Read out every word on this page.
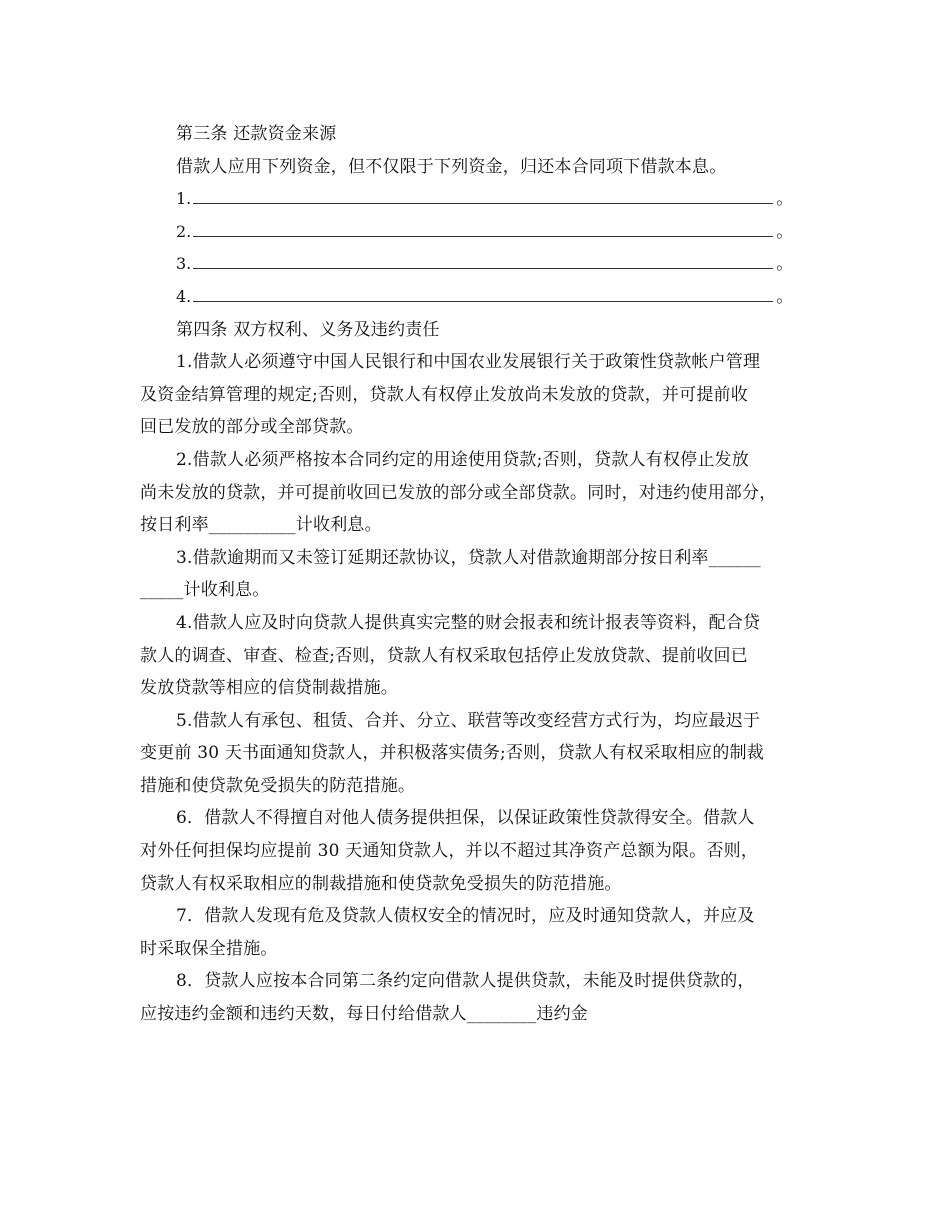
第三条 还款资金来源

借款人应用下列资金，但不仅限于下列资金，归还本合同项下借款本息。

1.	。
2.	。
3.	。
4.	。

第四条 双方权利、义务及违约责任

1.借款人必须遵守中国人民银行和中国农业发展银行关于政策性贷款帐户管理

及资金结算管理的规定;否则，贷款人有权停止发放尚未发放的贷款，并可提前收

回已发放的部分或全部贷款。

2.借款人必须严格按本合同约定的用途使用贷款;否则，贷款人有权停止发放

尚未发放的贷款，并可提前收回已发放的部分或全部贷款。同时，对违约使用部分，

按日利率__________计收利息。

3.借款逾期而又未签订延期还款协议，贷款人对借款逾期部分按日利率______

_____计收利息。

4.借款人应及时向贷款人提供真实完整的财会报表和统计报表等资料，配合贷

款人的调查、审查、检查;否则，贷款人有权采取包括停止发放贷款、提前收回已

发放贷款等相应的信贷制裁措施。

5.借款人有承包、租赁、合并、分立、联营等改变经营方式行为，均应最迟于

变更前 30 天书面通知贷款人，并积极落实债务;否则，贷款人有权采取相应的制裁

措施和使贷款免受损失的防范措施。

6．借款人不得擅自对他人债务提供担保，以保证政策性贷款得安全。借款人

对外任何担保均应提前 30 天通知贷款人，并以不超过其净资产总额为限。否则，

贷款人有权采取相应的制裁措施和使贷款免受损失的防范措施。

7．借款人发现有危及贷款人债权安全的情况时，应及时通知贷款人，并应及

时采取保全措施。

8．贷款人应按本合同第二条约定向借款人提供贷款，未能及时提供贷款的，

应按违约金额和违约天数，每日付给借款人________违约金
